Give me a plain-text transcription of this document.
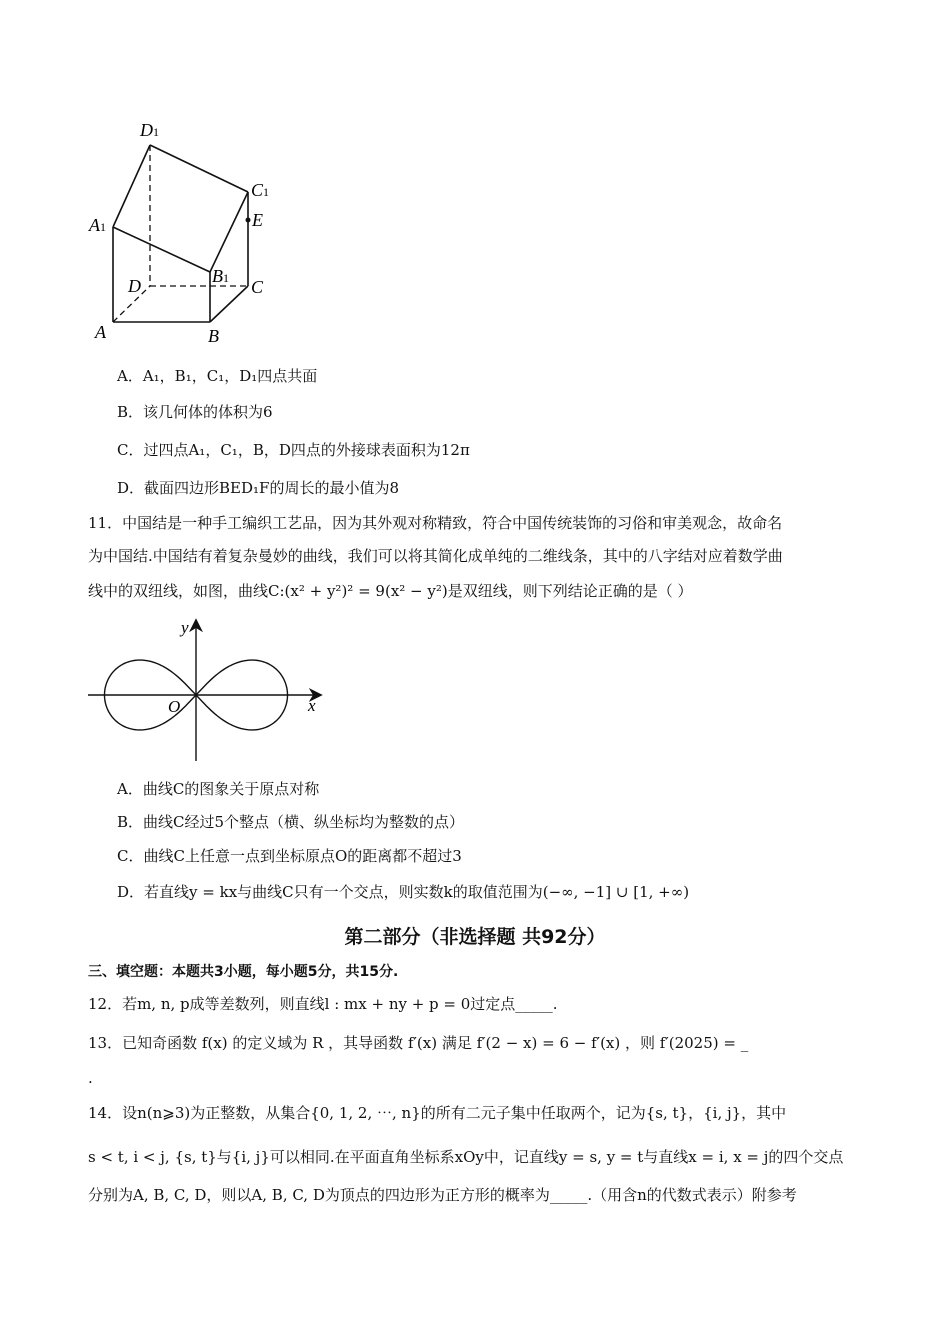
D1
C1
A1	E
B1
D	C
A	B
A．A₁，B₁，C₁，D₁四点共面
B．该几何体的体积为6
C．过四点A₁，C₁，B，D四点的外接球表面积为12π
D．截面四边形BED₁F的周长的最小值为8
11．中国结是一种手工编织工艺品，因为其外观对称精致，符合中国传统装饰的习俗和审美观念，故命名
为中国结.中国结有着复杂曼妙的曲线，我们可以将其简化成单纯的二维线条，其中的八字结对应着数学曲
线中的双纽线，如图，曲线C:(x² + y²)² = 9(x² − y²)是双纽线，则下列结论正确的是（ ）
y
x
O
A．曲线C的图象关于原点对称
B．曲线C经过5个整点（横、纵坐标均为整数的点）
C．曲线C上任意一点到坐标原点O的距离都不超过3
D．若直线y = kx与曲线C只有一个交点，则实数k的取值范围为(−∞, −1] ∪ [1, +∞)
第二部分（非选择题 共92分）
三、填空题：本题共3小题，每小题5分，共15分.
12．若m, n, p成等差数列，则直线l : mx + ny + p = 0过定点_____.
13．已知奇函数 f(x) 的定义域为 R ，其导函数 f′(x) 满足 f′(2 − x) = 6 − f′(x) ，则 f′(2025) = _
.
14．设n(n⩾3)为正整数，从集合{0, 1, 2, ⋯, n}的所有二元子集中任取两个，记为{s, t}，{i, j}，其中
s < t, i < j, {s, t}与{i, j}可以相同.在平面直角坐标系xOy中，记直线y = s, y = t与直线x = i, x = j的四个交点
分别为A, B, C, D，则以A, B, C, D为顶点的四边形为正方形的概率为_____.（用含n的代数式表示）附参考
